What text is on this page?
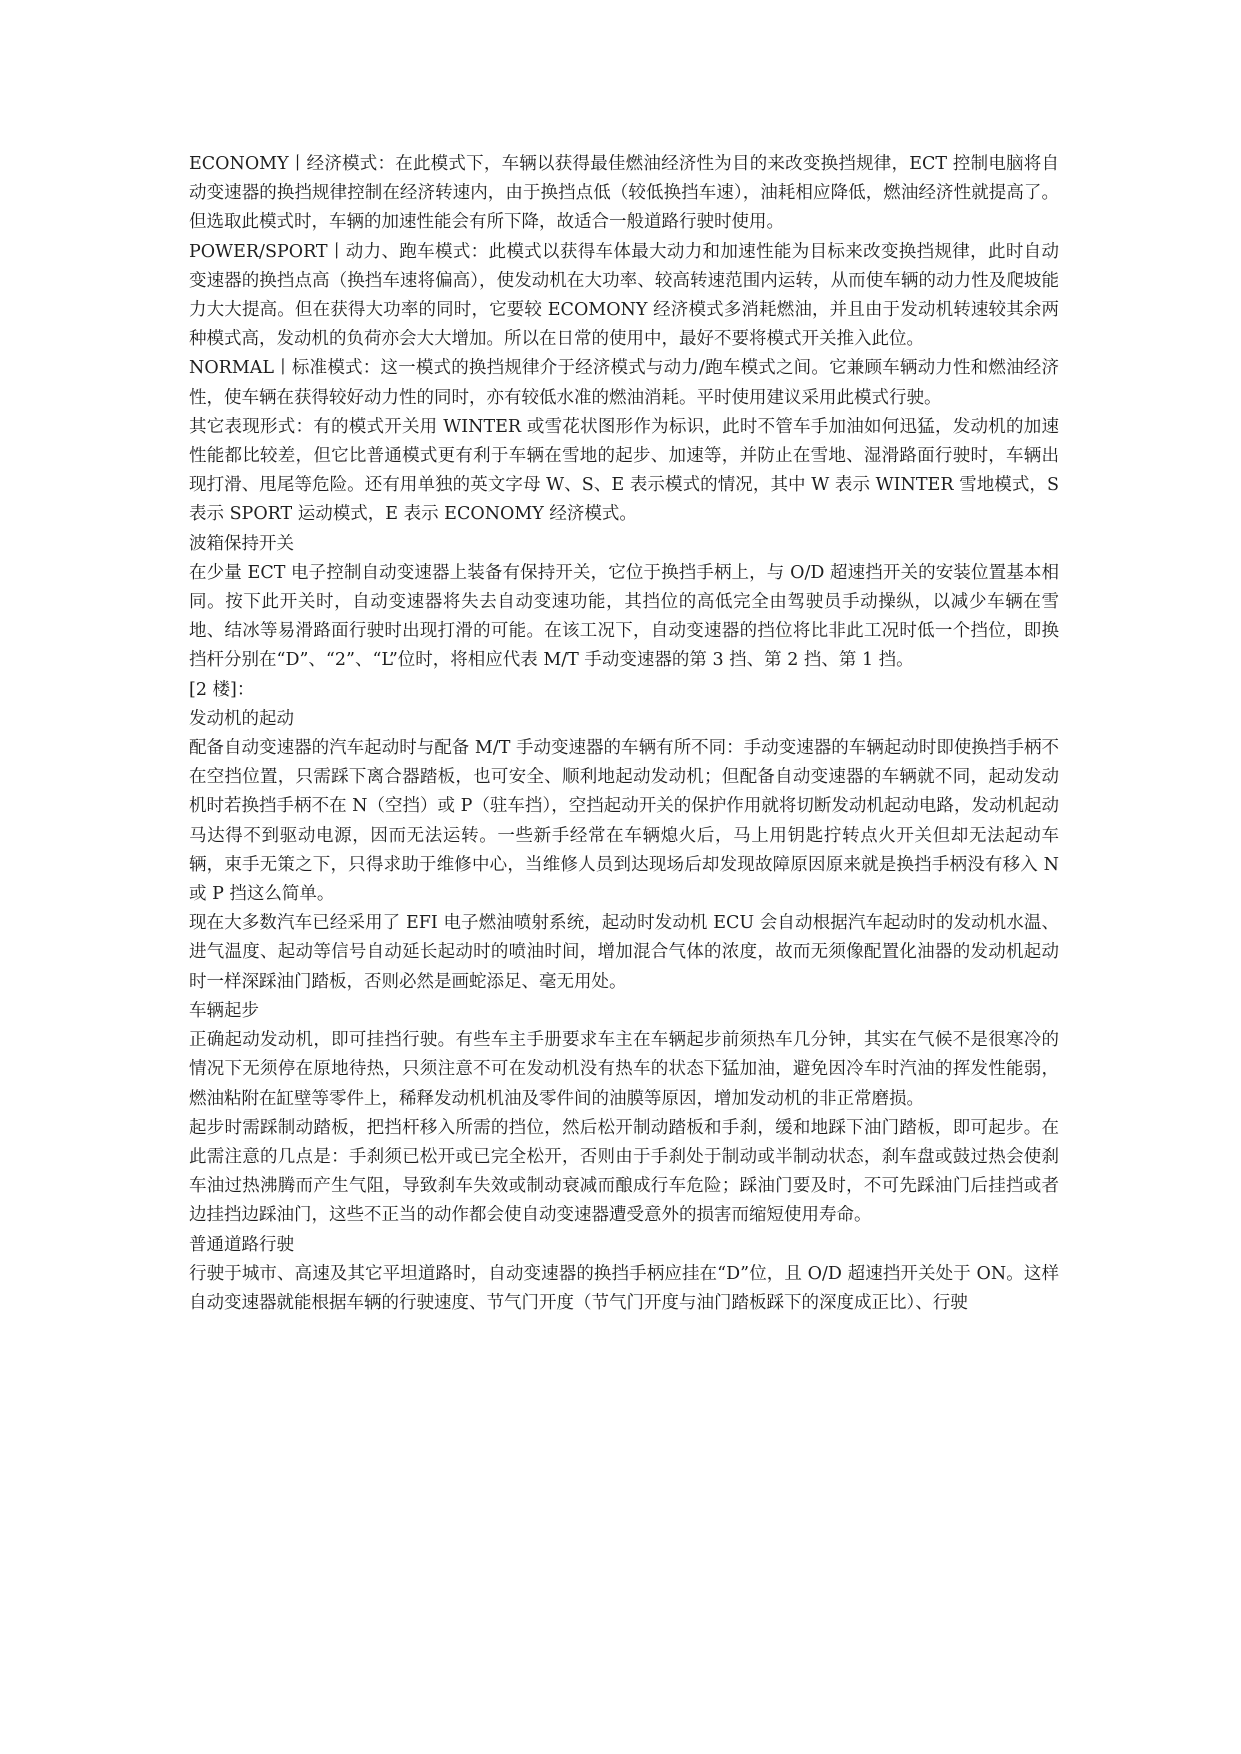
ECONOMY丨经济模式：在此模式下，车辆以获得最佳燃油经济性为目的来改变换挡规律，ECT 控制电脑将自动变速器的换挡规律控制在经济转速内，由于换挡点低（较低换挡车速），油耗相应降低，燃油经济性就提高了。但选取此模式时，车辆的加速性能会有所下降，故适合一般道路行驶时使用。

POWER/SPORT丨动力、跑车模式：此模式以获得车体最大动力和加速性能为目标来改变换挡规律，此时自动变速器的换挡点高（换挡车速将偏高），使发动机在大功率、较高转速范围内运转，从而使车辆的动力性及爬坡能力大大提高。但在获得大功率的同时，它要较 ECOMONY 经济模式多消耗燃油，并且由于发动机转速较其余两种模式高，发动机的负荷亦会大大增加。所以在日常的使用中，最好不要将模式开关推入此位。

NORMAL丨标准模式：这一模式的换挡规律介于经济模式与动力/跑车模式之间。它兼顾车辆动力性和燃油经济性，使车辆在获得较好动力性的同时，亦有较低水准的燃油消耗。平时使用建议采用此模式行驶。

其它表现形式：有的模式开关用 WINTER 或雪花状图形作为标识，此时不管车手加油如何迅猛，发动机的加速性能都比较差，但它比普通模式更有利于车辆在雪地的起步、加速等，并防止在雪地、湿滑路面行驶时，车辆出现打滑、甩尾等危险。还有用单独的英文字母 W、S、E 表示模式的情况，其中 W 表示 WINTER 雪地模式，S 表示 SPORT 运动模式，E 表示 ECONOMY 经济模式。

波箱保持开关

在少量 ECT 电子控制自动变速器上装备有保持开关，它位于换挡手柄上，与 O/D 超速挡开关的安装位置基本相同。按下此开关时，自动变速器将失去自动变速功能，其挡位的高低完全由驾驶员手动操纵，以减少车辆在雪地、结冰等易滑路面行驶时出现打滑的可能。在该工况下，自动变速器的挡位将比非此工况时低一个挡位，即换挡杆分别在“D”、“2”、“L”位时，将相应代表 M/T 手动变速器的第 3 挡、第 2 挡、第 1 挡。

[2 楼]：

发动机的起动

配备自动变速器的汽车起动时与配备 M/T 手动变速器的车辆有所不同：手动变速器的车辆起动时即使换挡手柄不在空挡位置，只需踩下离合器踏板，也可安全、顺利地起动发动机；但配备自动变速器的车辆就不同，起动发动机时若换挡手柄不在 N（空挡）或 P（驻车挡），空挡起动开关的保护作用就将切断发动机起动电路，发动机起动马达得不到驱动电源，因而无法运转。一些新手经常在车辆熄火后，马上用钥匙拧转点火开关但却无法起动车辆，束手无策之下，只得求助于维修中心，当维修人员到达现场后却发现故障原因原来就是换挡手柄没有移入 N 或 P 挡这么简单。

现在大多数汽车已经采用了 EFI 电子燃油喷射系统，起动时发动机 ECU 会自动根据汽车起动时的发动机水温、进气温度、起动等信号自动延长起动时的喷油时间，增加混合气体的浓度，故而无须像配置化油器的发动机起动时一样深踩油门踏板，否则必然是画蛇添足、毫无用处。

车辆起步

正确起动发动机，即可挂挡行驶。有些车主手册要求车主在车辆起步前须热车几分钟，其实在气候不是很寒冷的情况下无须停在原地待热，只须注意不可在发动机没有热车的状态下猛加油，避免因冷车时汽油的挥发性能弱，燃油粘附在缸壁等零件上，稀释发动机机油及零件间的油膜等原因，增加发动机的非正常磨损。

起步时需踩制动踏板，把挡杆移入所需的挡位，然后松开制动踏板和手刹，缓和地踩下油门踏板，即可起步。在此需注意的几点是：手刹须已松开或已完全松开，否则由于手刹处于制动或半制动状态，刹车盘或鼓过热会使刹车油过热沸腾而产生气阻，导致刹车失效或制动衰减而酿成行车危险；踩油门要及时，不可先踩油门后挂挡或者边挂挡边踩油门，这些不正当的动作都会使自动变速器遭受意外的损害而缩短使用寿命。

普通道路行驶

行驶于城市、高速及其它平坦道路时，自动变速器的换挡手柄应挂在“D”位，且 O/D 超速挡开关处于 ON。这样自动变速器就能根据车辆的行驶速度、节气门开度（节气门开度与油门踏板踩下的深度成正比）、行驶
